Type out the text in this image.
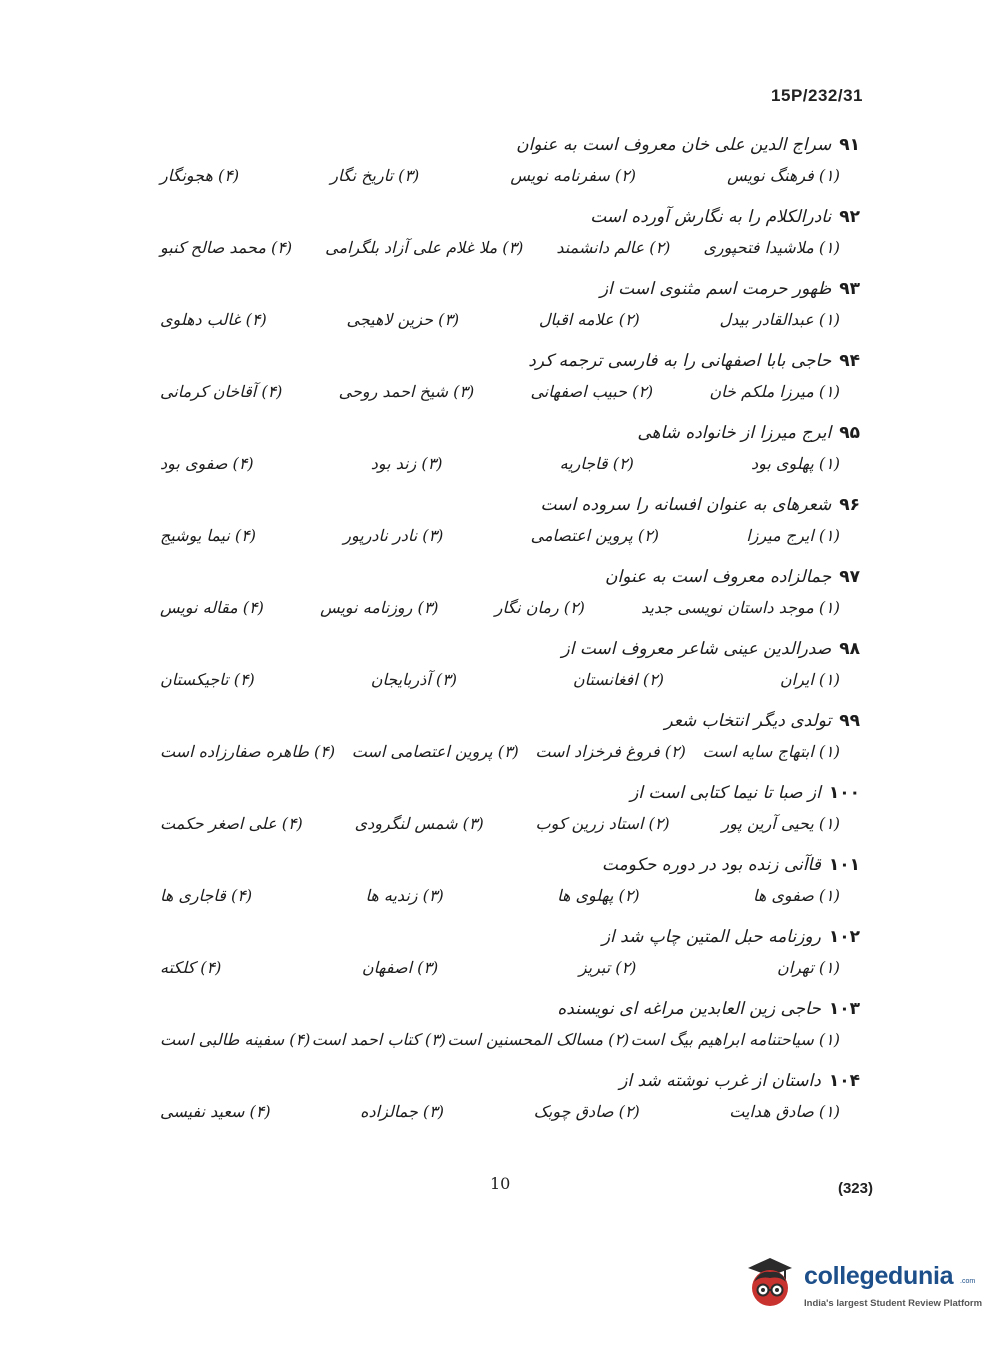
15P/232/31
۹۱سراج الدین علی خان معروف است به عنوان
(۱) فرهنگ نویس
(۲) سفرنامه نویس
(۳) تاریخ نگار
(۴) هجونگار
۹۲نادرالکلام را به نگارش آورده است
(۱) ملاشیدا فتحپوری
(۲) عالم دانشمند
(۳) ملا غلام علی آزاد بلگرامی
(۴) محمد صالح کنبو
۹۳ظهور حرمت اسم مثنوی است از
(۱) عبدالقادر بیدل
(۲) علامه اقبال
(۳) حزین لاهیجی
(۴) غالب دهلوی
۹۴حاجی بابا اصفهانی را به فارسی ترجمه کرد
(۱) میرزا ملکم خان
(۲) حبیب اصفهانی
(۳) شیخ احمد روحی
(۴) آقاخان کرمانی
۹۵ایرج میرزا از خانواده شاهی
(۱) پهلوی بود
(۲) قاجاریه
(۳) زند بود
(۴) صفوی بود
۹۶شعرهای به عنوان افسانه را سروده است
(۱) ایرج میرزا
(۲) پروین اعتصامی
(۳) نادر نادرپور
(۴) نیما یوشیج
۹۷جمالزاده معروف است به عنوان
(۱) موجد داستان نویسی جدید
(۲) رمان نگار
(۳) روزنامه نویس
(۴) مقاله نویس
۹۸صدرالدین عینی شاعر معروف است از
(۱) ایران
(۲) افغانستان
(۳) آذربایجان
(۴) تاجیکستان
۹۹تولدی دیگر انتخاب شعر
(۱) ابتهاج سایه است
(۲) فروغ فرخزاد است
(۳) پروین اعتصامی است
(۴) طاهره صفارزاده است
۱۰۰از صبا تا نیما کتابی است از
(۱) یحیی آرین پور
(۲) استاد زرین کوب
(۳) شمس لنگرودی
(۴) علی اصغر حکمت
۱۰۱قاآنی زنده بود در دوره حکومت
(۱) صفوی ها
(۲) پهلوی ها
(۳) زندیه ها
(۴) قاجاری ها
۱۰۲روزنامه حبل المتین چاپ شد از
(۱) تهران
(۲) تبریز
(۳) اصفهان
(۴) کلکته
۱۰۳حاجی زین العابدین مراغه ای نویسنده
(۱) سیاحتنامه ابراهیم بیگ است
(۲) مسالک المحسنین است
(۳) کتاب احمد است
(۴) سفینه طالبی است
۱۰۴داستان از غرب نوشته شد از
(۱) صادق هدایت
(۲) صادق چوبک
(۳) جمالزاده
(۴) سعید نفیسی
10	(323)
collegedunia .com
India's largest Student Review Platform
